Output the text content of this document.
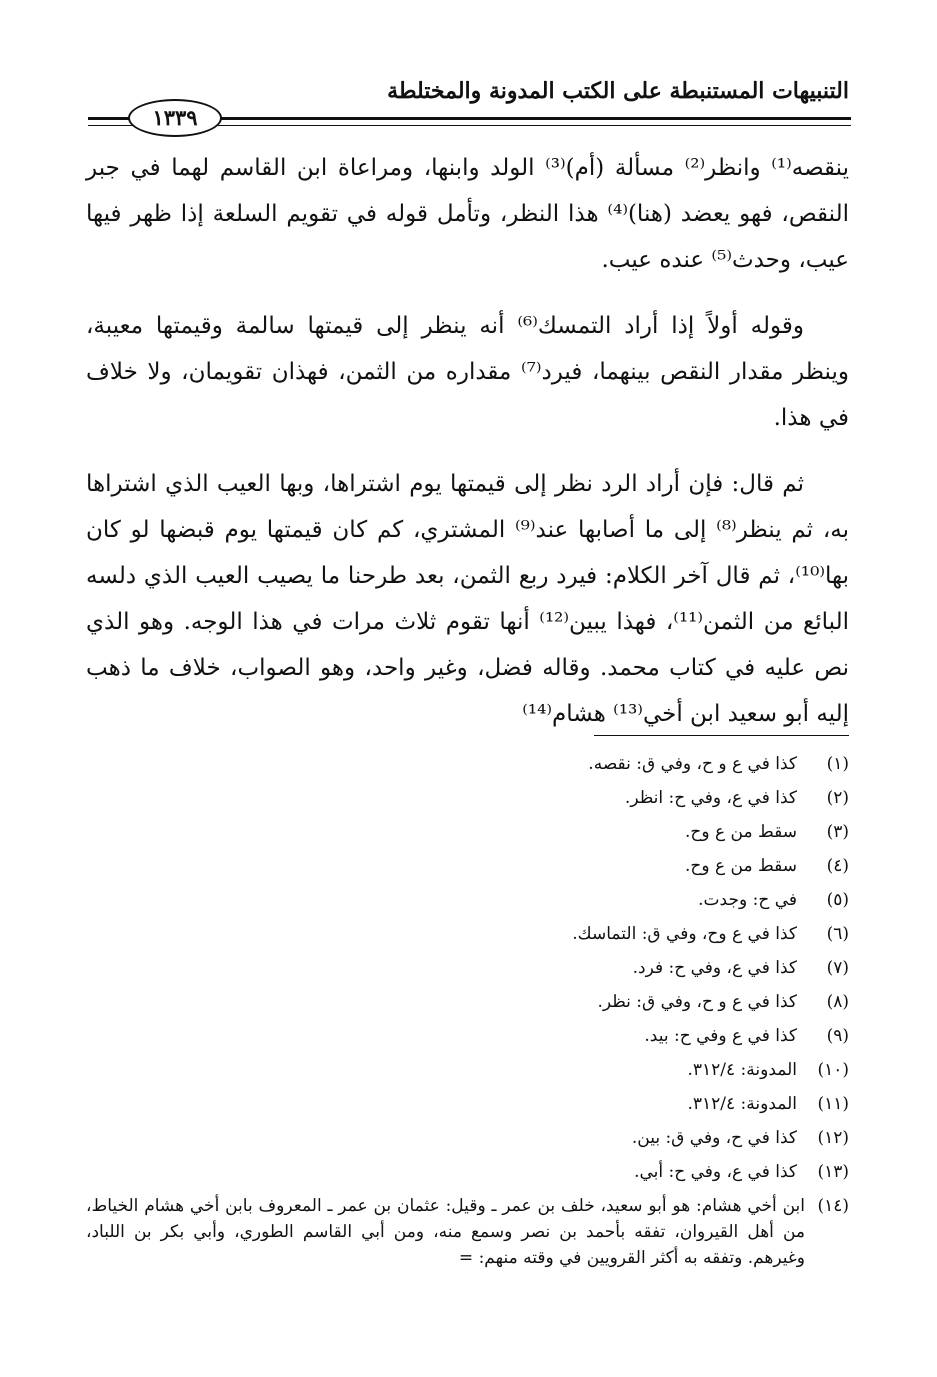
التنبيهات المستنبطة على الكتب المدونة والمختلطة
١٣٣٩

ينقصه⁽¹⁾ وانظر⁽²⁾ مسألة (أم)⁽³⁾ الولد وابنها، ومراعاة ابن القاسم لهما في جبر النقص، فهو يعضد (هنا)⁽⁴⁾ هذا النظر، وتأمل قوله في تقويم السلعة إذا ظهر فيها عيب، وحدث⁽⁵⁾ عنده عيب.

وقوله أولاً إذا أراد التمسك⁽⁶⁾ أنه ينظر إلى قيمتها سالمة وقيمتها معيبة، وينظر مقدار النقص بينهما، فيرد⁽⁷⁾ مقداره من الثمن، فهذان تقويمان، ولا خلاف في هذا.

ثم قال: فإن أراد الرد نظر إلى قيمتها يوم اشتراها، وبها العيب الذي اشتراها به، ثم ينظر⁽⁸⁾ إلى ما أصابها عند⁽⁹⁾ المشتري، كم كان قيمتها يوم قبضها لو كان بها⁽¹⁰⁾، ثم قال آخر الكلام: فيرد ربع الثمن، بعد طرحنا ما يصيب العيب الذي دلسه البائع من الثمن⁽¹¹⁾، فهذا يبين⁽¹²⁾ أنها تقوم ثلاث مرات في هذا الوجه. وهو الذي نص عليه في كتاب محمد. وقاله فضل، وغير واحد، وهو الصواب، خلاف ما ذهب إليه أبو سعيد ابن أخي⁽¹³⁾ هشام⁽¹⁴⁾

(١)
كذا في ع و ح، وفي ق: نقصه.
(٢)
كذا في ع، وفي ح: انظر.
(٣)
سقط من ع وح.
(٤)
سقط من ع وح.
(٥)
في ح: وجدت.
(٦)
كذا في ع وح، وفي ق: التماسك.
(٧)
كذا في ع، وفي ح: فرد.
(٨)
كذا في ع و ح، وفي ق: نظر.
(٩)
كذا في ع وفي ح: بيد.
(١٠)
المدونة: ٣١٢/٤.
(١١)
المدونة: ٣١٢/٤.
(١٢)
كذا في ح، وفي ق: بين.
(١٣)
كذا في ع، وفي ح: أبي.
(١٤)
ابن أخي هشام: هو أبو سعيد، خلف بن عمر ـ وقيل: عثمان بن عمر ـ المعروف بابن أخي هشام الخياط، من أهل القيروان، تفقه بأحمد بن نصر وسمع منه، ومن أبي القاسم الطوري، وأبي بكر بن اللباد، وغيرهم. وتفقه به أكثر القرويين في وقته منهم: =
